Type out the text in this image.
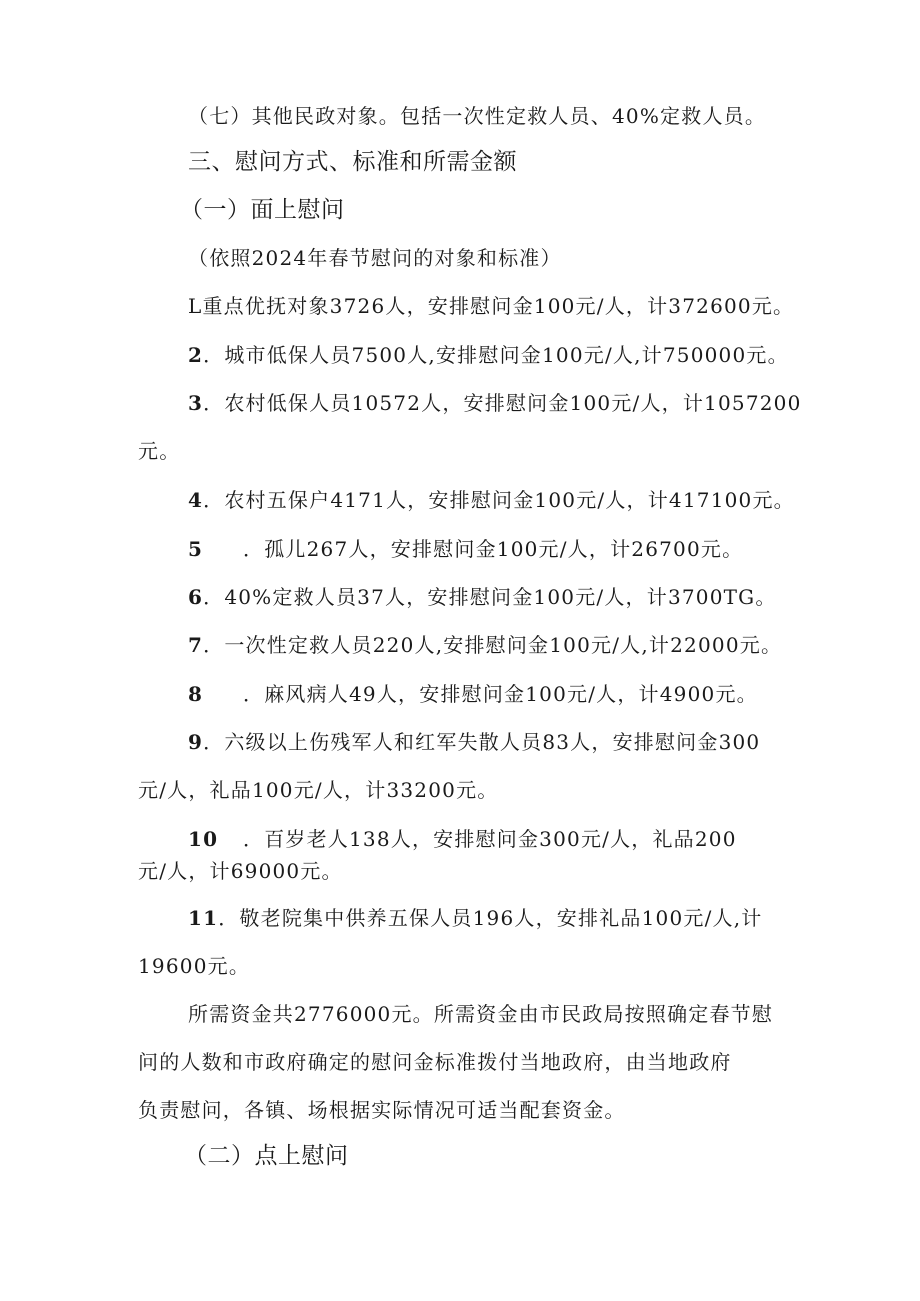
（七）其他民政对象。包括一次性定救人员、40%定救人员。
三、慰问方式、标准和所需金额
（一）面上慰问
（依照2024年春节慰问的对象和标准）
L重点优抚对象3726人，安排慰问金100元/人，计372600元。
2．城市低保人员7500人,安排慰问金100元/人,计750000元。
3．农村低保人员10572人，安排慰问金100元/人，计1057200
元。
4．农村五保户4171人，安排慰问金100元/人，计417100元。
5 ．孤儿267人，安排慰问金100元/人，计26700元。
6．40%定救人员37人，安排慰问金100元/人，计3700TG。
7．一次性定救人员220人,安排慰问金100元/人,计22000元。
8 ．麻风病人49人，安排慰问金100元/人，计4900元。
9．六级以上伤残军人和红军失散人员83人，安排慰问金300
元/人，礼品100元/人，计33200元。
10 ．百岁老人138人，安排慰问金300元/人，礼品200
元/人，计69000元。
11．敬老院集中供养五保人员196人，安排礼品100元/人,计
19600元。
所需资金共2776000元。所需资金由市民政局按照确定春节慰
问的人数和市政府确定的慰问金标准拨付当地政府，由当地政府
负责慰问，各镇、场根据实际情况可适当配套资金。
（二）点上慰问
